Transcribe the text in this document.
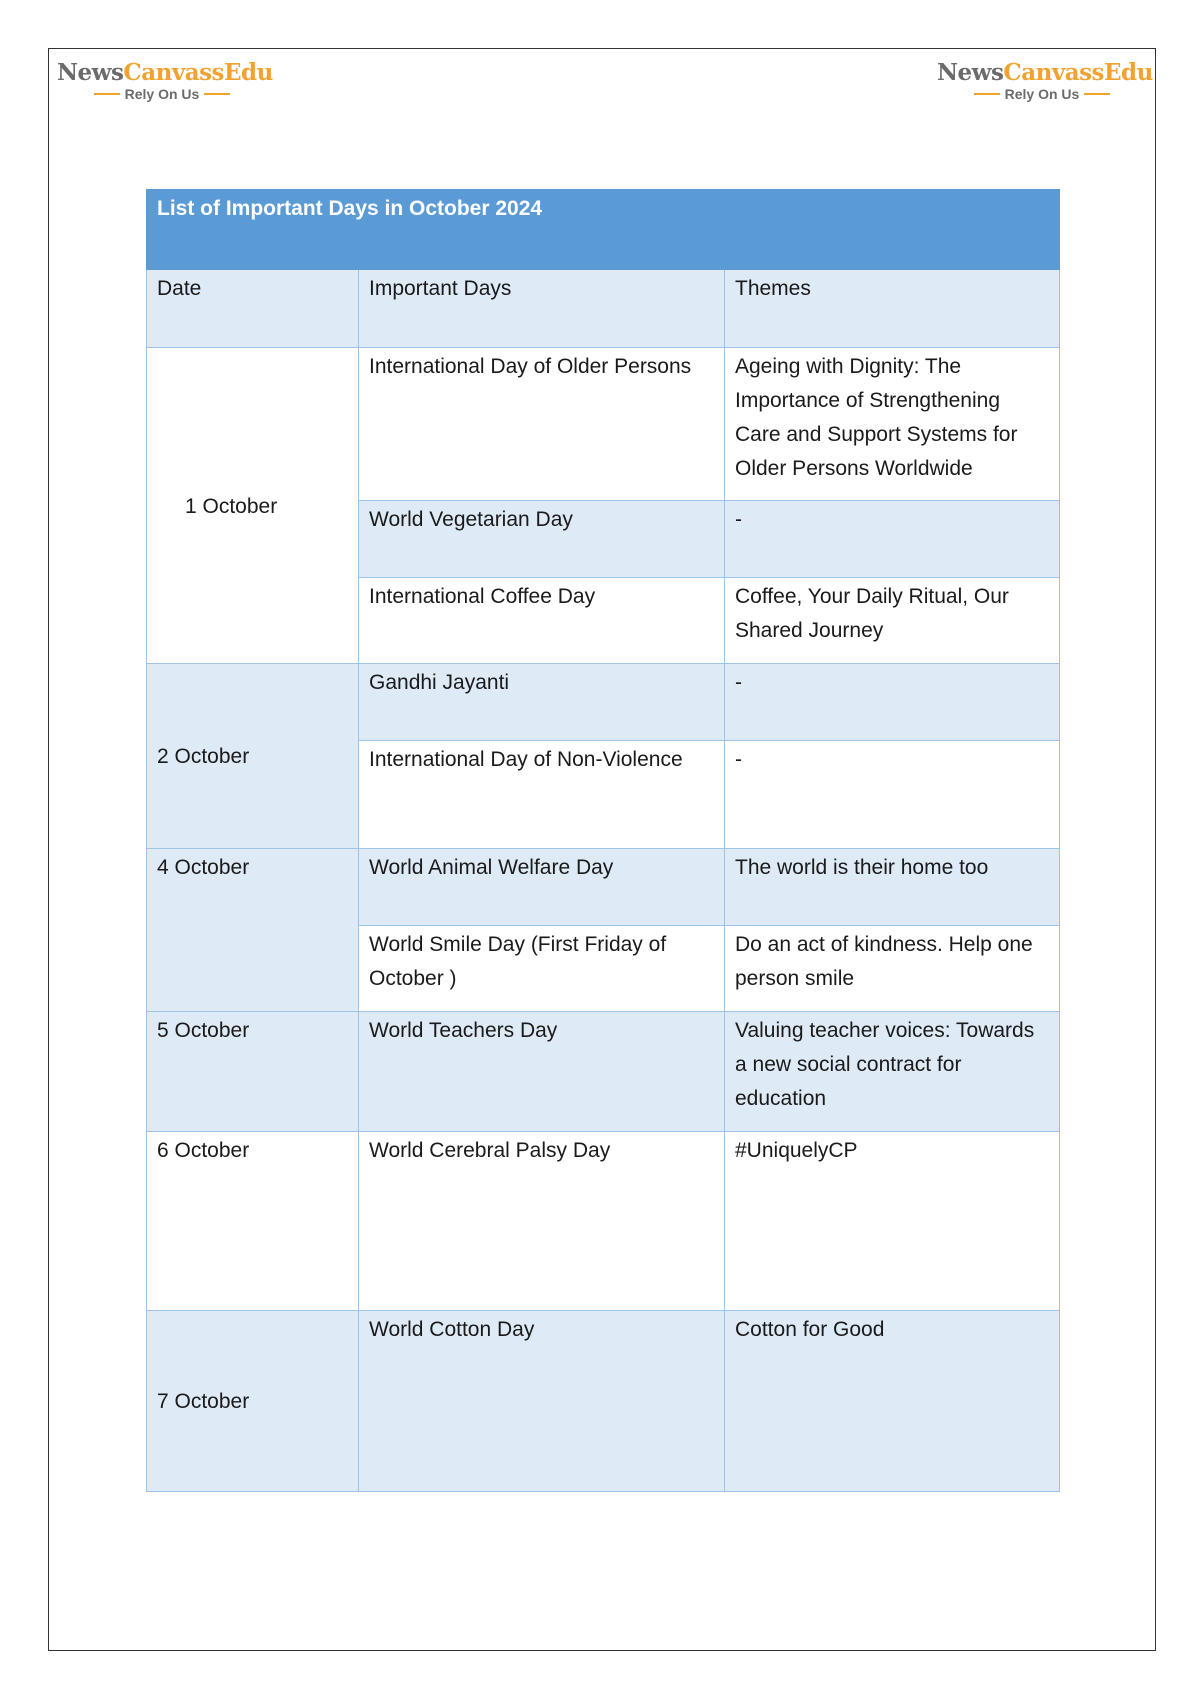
NewsCanvassEdu
Rely On Us
NewsCanvassEdu
Rely On Us
List of Important Days in October 2024		
Date	Important Days	Themes
1 October	International Day of Older Persons	Ageing with Dignity: The Importance of Strengthening Care and Support Systems for Older Persons Worldwide
	World Vegetarian Day	-
	International Coffee Day	Coffee, Your Daily Ritual, Our Shared Journey
2 October	Gandhi Jayanti	-
	International Day of Non-Violence	-
4 October	World Animal Welfare Day	The world is their home too
	World Smile Day (First Friday of October )	Do an act of kindness. Help one person smile
5 October	World Teachers Day	Valuing teacher voices: Towards a new social contract for education
6 October	World Cerebral Palsy Day	#UniquelyCP
7 October	World Cotton Day	Cotton for Good
